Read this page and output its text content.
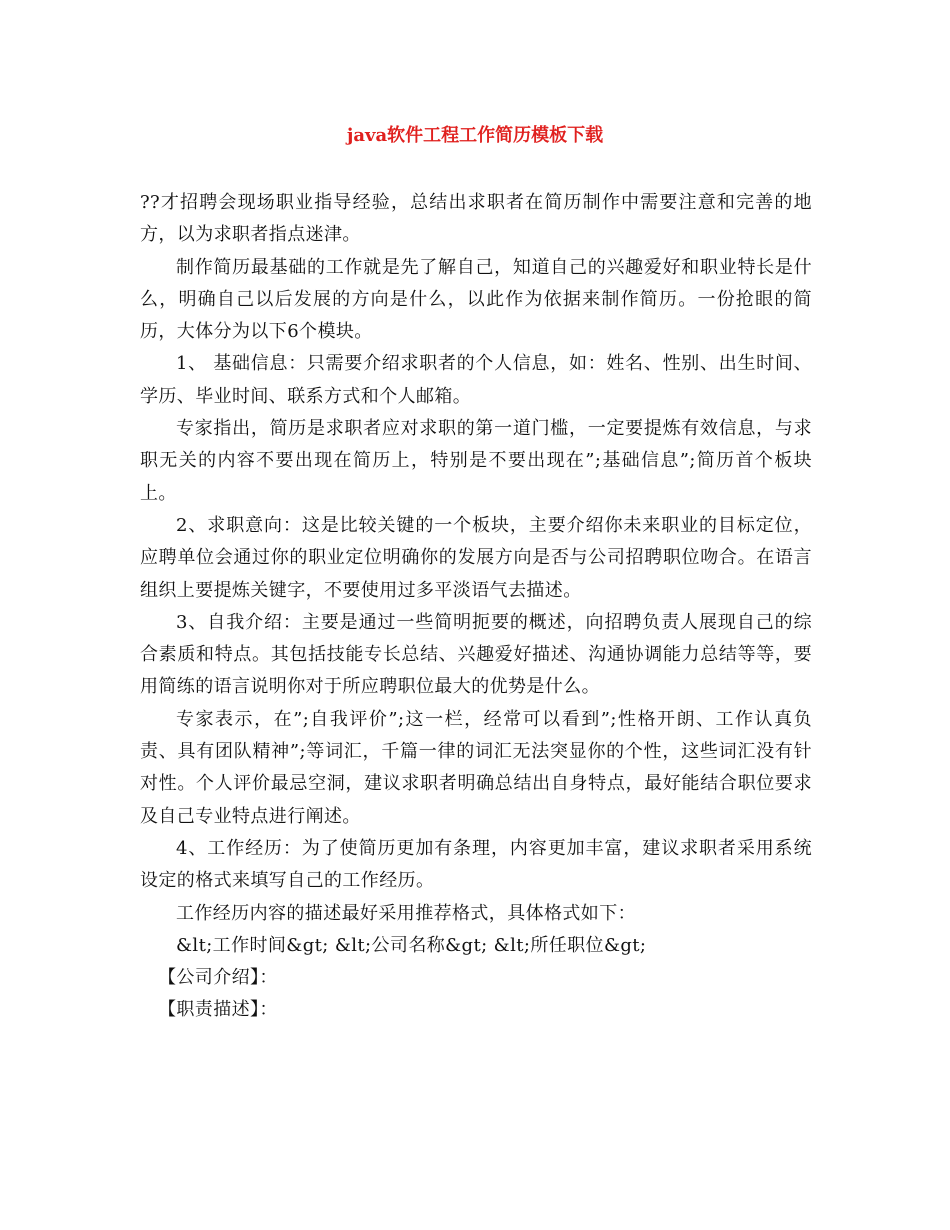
java软件工程工作简历模板下载

??才招聘会现场职业指导经验，总结出求职者在简历制作中需要注意和完善的地方，以为求职者指点迷津。

制作简历最基础的工作就是先了解自己，知道自己的兴趣爱好和职业特长是什么，明确自己以后发展的方向是什么，以此作为依据来制作简历。一份抢眼的简历，大体分为以下6个模块。

1、 基础信息：只需要介绍求职者的个人信息，如：姓名、性别、出生时间、学历、毕业时间、联系方式和个人邮箱。

专家指出，简历是求职者应对求职的第一道门槛，一定要提炼有效信息，与求职无关的内容不要出现在简历上，特别是不要出现在”;基础信息”;简历首个板块上。

2、求职意向：这是比较关键的一个板块，主要介绍你未来职业的目标定位，应聘单位会通过你的职业定位明确你的发展方向是否与公司招聘职位吻合。在语言组织上要提炼关键字，不要使用过多平淡语气去描述。

3、自我介绍：主要是通过一些简明扼要的概述，向招聘负责人展现自己的综合素质和特点。其包括技能专长总结、兴趣爱好描述、沟通协调能力总结等等，要用简练的语言说明你对于所应聘职位最大的优势是什么。

专家表示，在”;自我评价”;这一栏，经常可以看到”;性格开朗、工作认真负责、具有团队精神”;等词汇，千篇一律的词汇无法突显你的个性，这些词汇没有针对性。个人评价最忌空洞，建议求职者明确总结出自身特点，最好能结合职位要求及自己专业特点进行阐述。

4、工作经历：为了使简历更加有条理，内容更加丰富，建议求职者采用系统设定的格式来填写自己的工作经历。

工作经历内容的描述最好采用推荐格式，具体格式如下：

&lt;工作时间&gt; &lt;公司名称&gt; &lt;所任职位&gt;

【公司介绍】：

【职责描述】：
